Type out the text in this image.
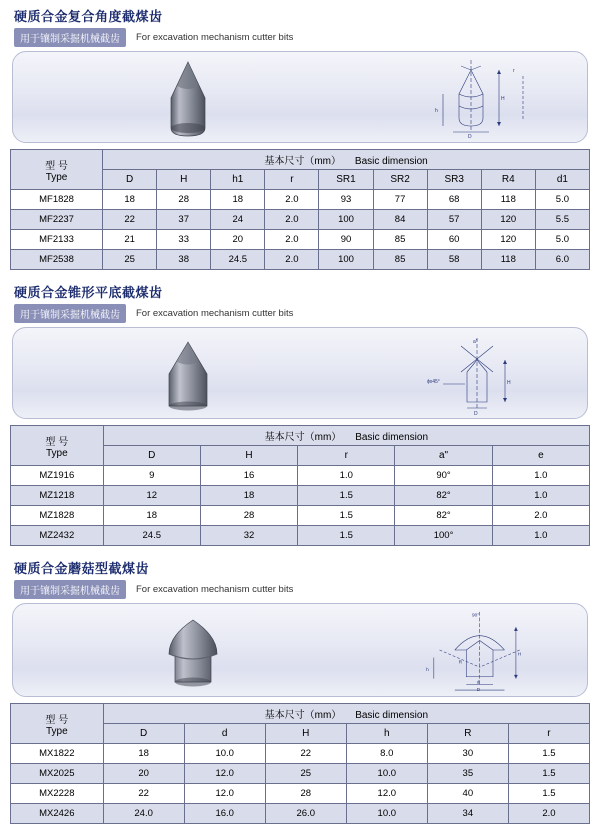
硬质合金复合角度截煤齿
用于镶制采掘机械截齿	For excavation mechanism cutter bits
H
h
D
r
型 号
Type	基本尺寸（mm） Basic dimension								
	D	H	h1	r	SR1	SR2	SR3	R4	d1
MF1828	18	28	18	2.0	93	77	68	118	5.0
MF2237	22	37	24	2.0	100	84	57	120	5.5
MF2133	21	33	20	2.0	90	85	60	120	5.0
MF2538	25	38	24.5	2.0	100	85	58	118	6.0
硬质合金锥形平底截煤齿
用于镶制采掘机械截齿	For excavation mechanism cutter bits
a"
H
D
ɸx45°
型 号
Type	基本尺寸（mm） Basic dimension				
	D	H	r	a"	e
MZ1916	9	16	1.0	90°	1.0
MZ1218	12	18	1.5	82°	1.0
MZ1828	18	28	1.5	82°	2.0
MZ2432	24.5	32	1.5	100°	1.0
硬质合金蘑菇型截煤齿
用于镶制采掘机械截齿	For excavation mechanism cutter bits
90°
H
h
D
d
R
型 号
Type	基本尺寸（mm） Basic dimension					
	D	d	H	h	R	r
MX1822	18	10.0	22	8.0	30	1.5
MX2025	20	12.0	25	10.0	35	1.5
MX2228	22	12.0	28	12.0	40	1.5
MX2426	24.0	16.0	26.0	10.0	34	2.0
